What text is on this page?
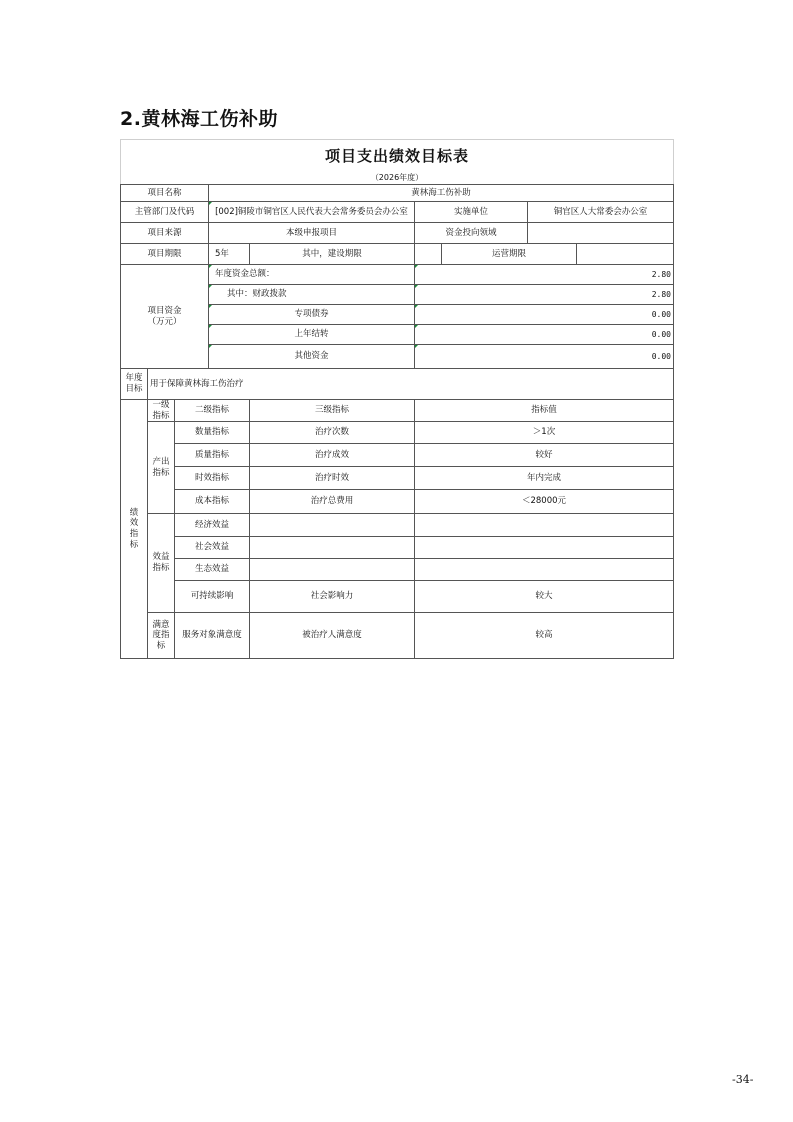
2.黄林海工伤补助
项目支出绩效目标表
（2026年度）
项目名称	黄林海工伤补助
主管部门及代码	[002]铜陵市铜官区人民代表大会常务委员会办公室	实施单位	铜官区人大常委会办公室
项目来源	本级申报项目	资金投向领域
项目期限	5年	其中，建设期限	运营期限
项目资金
（万元）
年度资金总额：	2.80
其中：财政拨款	2.80
专项债券	0.00
上年结转	0.00
其他资金	0.00
年度
目标
用于保障黄林海工伤治疗
绩
效
指
标
一级
指标
二级指标	三级指标	指标值
产出
指标
数量指标	治疗次数	＞1次
质量指标	治疗成效	较好
时效指标	治疗时效	年内完成
成本指标	治疗总费用	＜28000元
效益
指标
经济效益
社会效益
生态效益
可持续影响	社会影响力	较大
满意
度指
标
服务对象满意度	被治疗人满意度	较高
-34-
